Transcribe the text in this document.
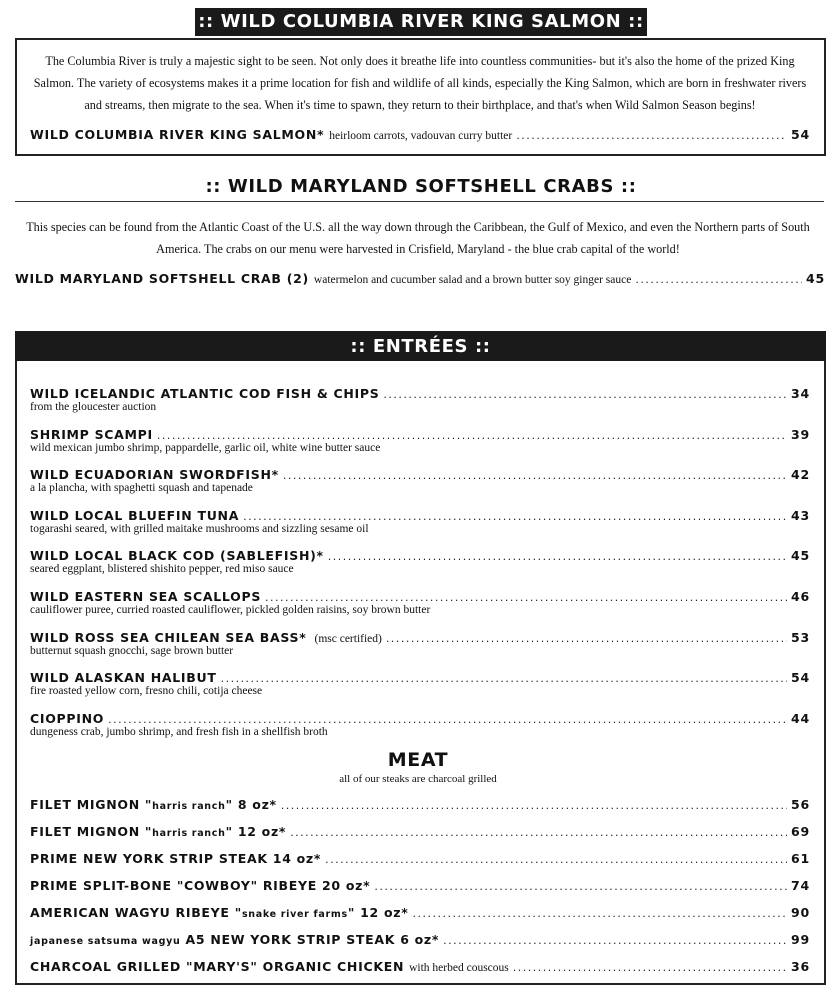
:: WILD COLUMBIA RIVER KING SALMON ::
The Columbia River is truly a majestic sight to be seen. Not only does it breathe life into countless communities- but it's also the home of the prized King Salmon. The variety of ecosystems makes it a prime location for fish and wildlife of all kinds, especially the King Salmon, which are born in freshwater rivers and streams, then migrate to the sea. When it's time to spawn, they return to their birthplace, and that's when Wild Salmon Season begins!
WILD COLUMBIA RIVER KING SALMON* heirloom carrots, vadouvan curry butter .....	54
:: WILD MARYLAND SOFTSHELL CRABS ::
This species can be found from the Atlantic Coast of the U.S. all the way down through the Caribbean, the Gulf of Mexico, and even the Northern parts of South America. The crabs on our menu were harvested in Crisfield, Maryland - the blue crab capital of the world!
WILD MARYLAND SOFTSHELL CRAB (2) watermelon and cucumber salad and a brown butter soy ginger sauce .....	45
:: ENTRÉES ::
WILD ICELANDIC ATLANTIC COD FISH & CHIPS .....	34
from the gloucester auction
SHRIMP SCAMPI .....	39
wild mexican jumbo shrimp, pappardelle, garlic oil, white wine butter sauce
WILD ECUADORIAN SWORDFISH* .....	42
a la plancha, with spaghetti squash and tapenade
WILD LOCAL BLUEFIN TUNA .....	43
togarashi seared, with grilled maitake mushrooms and sizzling sesame oil
WILD LOCAL BLACK COD (SABLEFISH)* .....	45
seared eggplant, blistered shishito pepper, red miso sauce
WILD EASTERN SEA SCALLOPS .....	46
cauliflower puree, curried roasted cauliflower, pickled golden raisins, soy brown butter
WILD ROSS SEA CHILEAN SEA BASS* (msc certified) .....	53
butternut squash gnocchi, sage brown butter
WILD ALASKAN HALIBUT .....	54
fire roasted yellow corn, fresno chili, cotija cheese
CIOPPINO .....	44
dungeness crab, jumbo shrimp, and fresh fish in a shellfish broth
MEAT
all of our steaks are charcoal grilled
FILET MIGNON "harris ranch" 8 oz* .....	56
FILET MIGNON "harris ranch" 12 oz* .....	69
PRIME NEW YORK STRIP STEAK 14 oz* .....	61
PRIME SPLIT-BONE "COWBOY" RIBEYE 20 oz* .....	74
AMERICAN WAGYU RIBEYE "snake river farms" 12 oz* .....	90
japanese satsuma wagyu A5 NEW YORK STRIP STEAK 6 oz* .....	99
CHARCOAL GRILLED "MARY'S" ORGANIC CHICKEN with herbed couscous .....	36
